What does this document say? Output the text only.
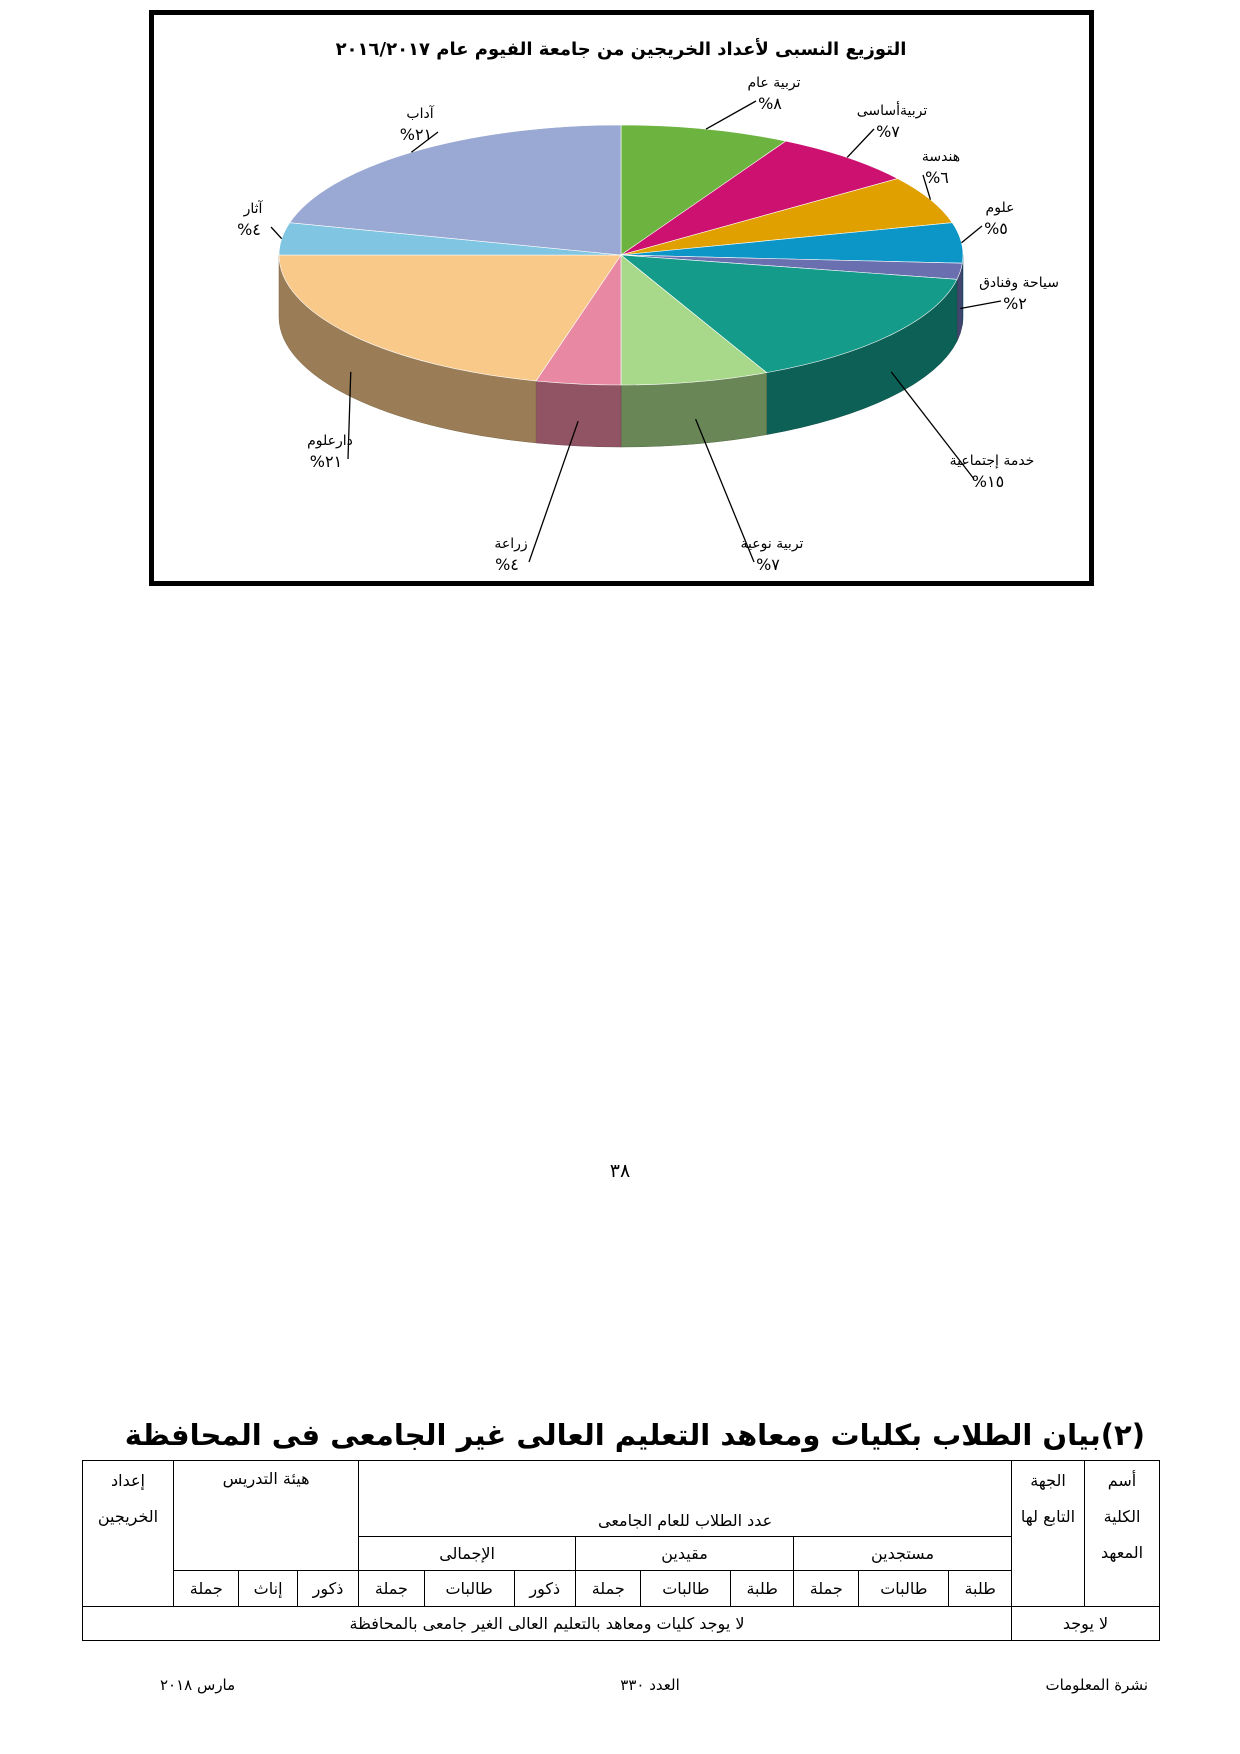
التوزيع النسبى لأعداد الخريجين من جامعة الفيوم عام ٢٠١٦/٢٠١٧
تربية عام
%٨	تربيةأساسى
%٧
هندسة
%٦
علوم
%٥
سياحة وفنادق
%٢
خدمة إجتماعية
%١٥
تربية نوعية
%٧
زراعة
%٤
دارعلوم
%٢١
آثار
%٤
آداب
%٢١
٣٨
(٢)بيان الطلاب بكليات ومعاهد التعليم العالى غير الجامعى فى المحافظة
أسم الكلية المعهد	الجهة التابع لها										هيئة التدريس			إعداد الخريجين
		عدد الطلاب للعام الجامعى												
		مستجدين			مقيدين			الإجمالى						
		طلبة	طالبات	جملة	طلبة	طالبات	جملة	ذكور	طالبات	جملة	ذكور	إناث	جملة	
لا يوجد		لا يوجد كليات ومعاهد بالتعليم العالى الغير جامعى بالمحافظة												
مارس ٢٠١٨	العدد ٣٣٠	نشرة المعلومات
